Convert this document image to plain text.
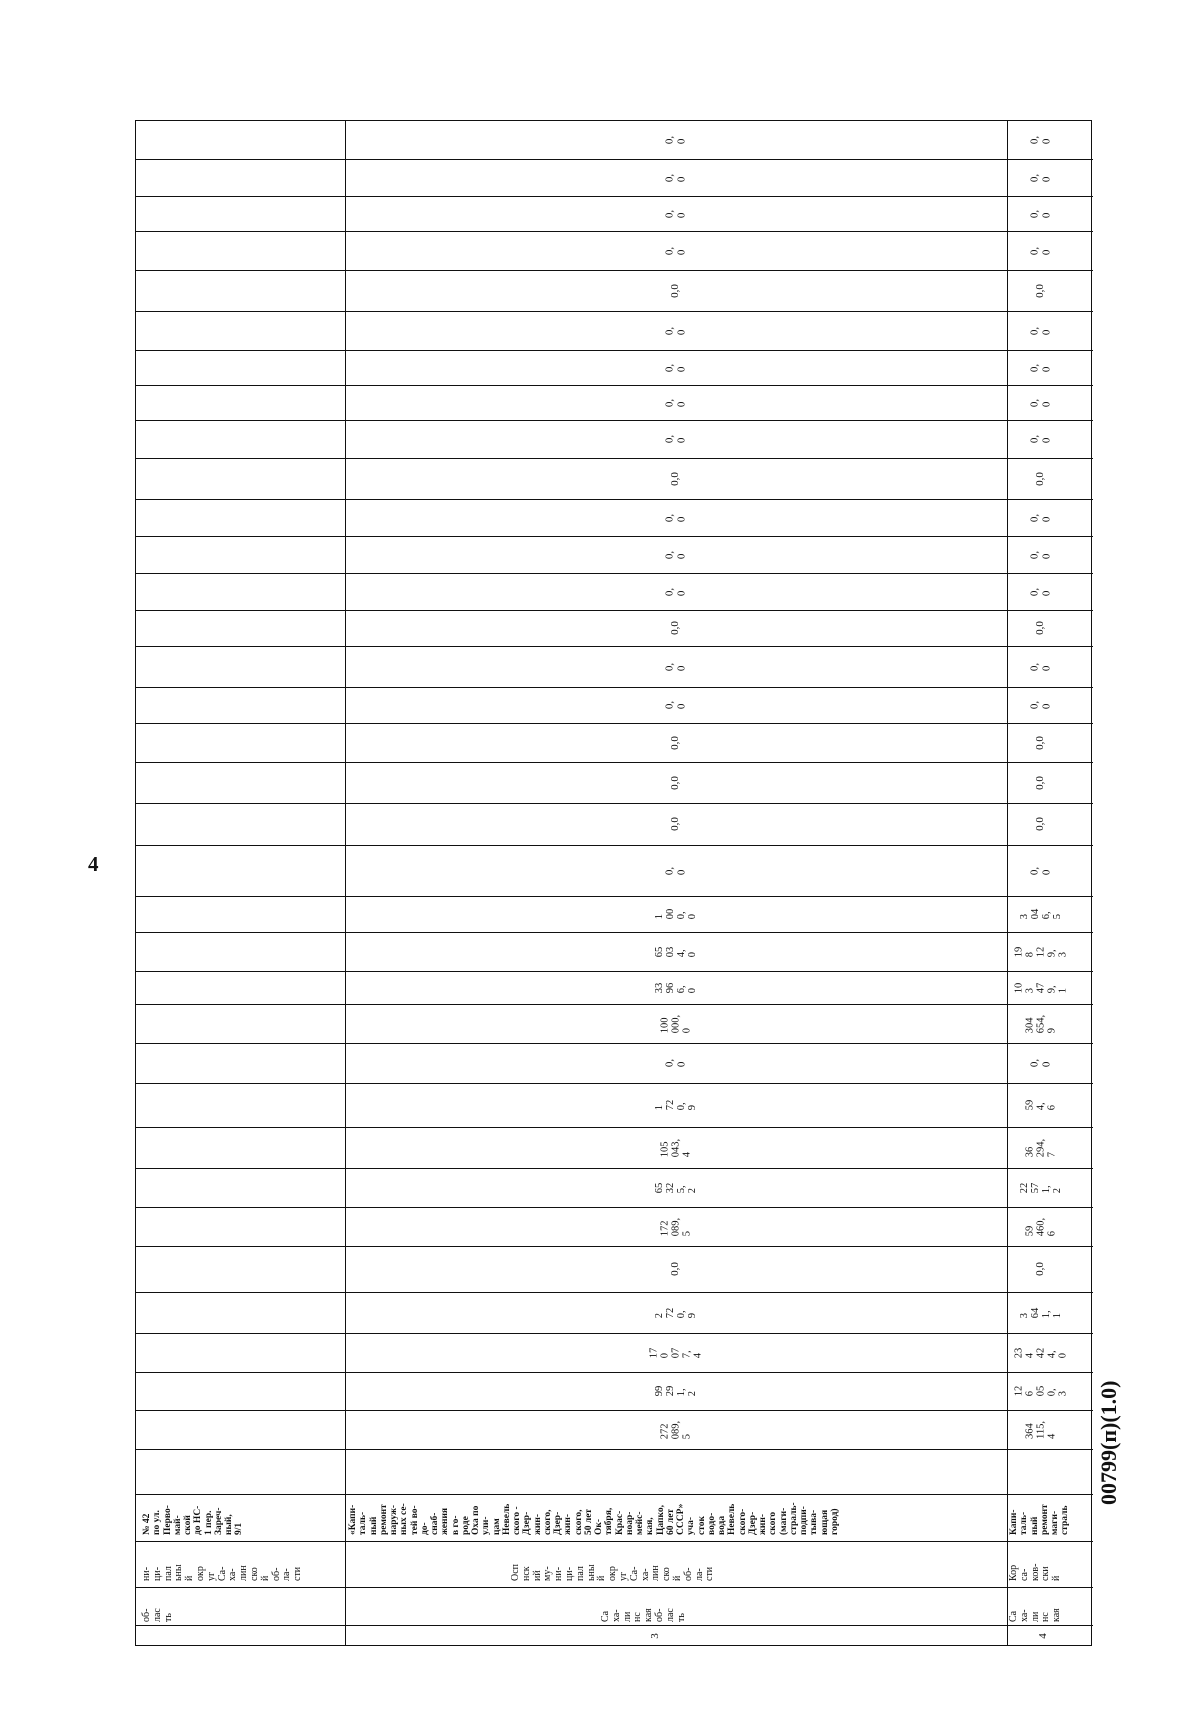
4
272
089,
5
99
29
1,
2
17
0
07
7,
4
2
72
0,
9
0,0
172
089,
5
65
32
5,
2
105
043,
4
1
72
0,
9
0,
0
100
000,
0
33
96
6,
0
65
03
4,
0
1
00
0,
0
0,
0
0,0
0,0
0,0
0,
0
0,
0
0,0
0,
0
0,
0
0,
0
0,0
0,
0
0,
0
0,
0
0,
0
0,0
0,
0
0,
0
0,
0
0,
0
364
115,
4
12
6
05
0,
3
23
4
42
4,
0
3
64
1,
1
0,0
59
460,
6
22
57
1,
2
36
294,
7
59
4,
6
0,
0
304
654,
9
10
3
47
9,
1
19
8
12
9,
3
3
04
6,
5
0,
0
0,0
0,0
0,0
0,
0
0,
0
0,0
0,
0
0,
0
0,
0
0,0
0,
0
0,
0
0,
0
0,
0
0,0
0,
0
0,
0
0,
0
0,
0
об-
лас
ть
ни-
ци-
пал
ьны
й
окр
уг
Са-
ха-
лин
ско
й
об-
ла-
сти
№ 42
по ул.
Перво-
май-
ской
до НС-
1 пер.
Зареч-
ный,
9/1
Са
ха-
ли
нс
кая
об-
лас
ть
Осп
нск
ий
му-
ни-
ци-
пал
ьны
й
окр
уг
Са-
ха-
лин
ско
й
об-
ла-
сти
«Капи-
таль-
ный
ремонт
наруж-
ных се-
тей во-
до-
снаб-
жения
в го-
роде
Оха по
ули-
цам
Невель
ского -
Дзер-
жин-
ского,
Дзер-
жин-
ского,
50 лет
Ок-
тября,
Крас-
ноар-
мейс-
кая,
Цапко,
60 лет
СССР»
уча-
сток
водо-
вода
Невель
ского-
Дзер-
жин-
ского
(маги-
страль-
подпи-
тыва-
ющая
город)
Са
ха-
ли
нс
кая
Кор
са-
ков-
ски
й
Капи-
таль-
ный
ремонт
маги-
страль
3	4
00799(п)(1.0)
